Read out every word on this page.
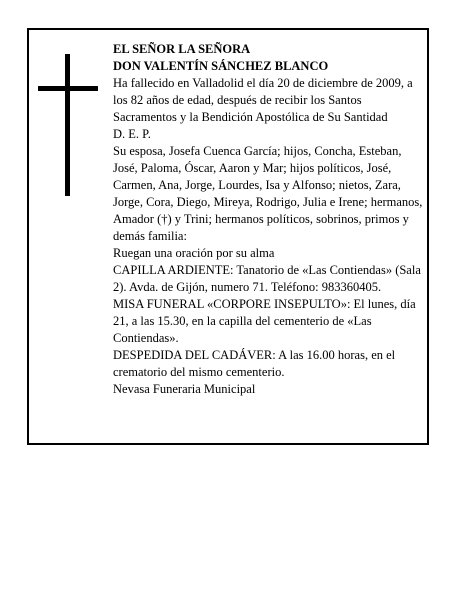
EL SEÑOR LA SEÑORA

DON VALENTÍN SÁNCHEZ BLANCO

Ha fallecido en Valladolid el día 20 de diciembre de 2009, a los 82 años de edad, después de recibir los Santos Sacramentos y la Bendición Apostólica de Su Santidad

D. E. P.

Su esposa, Josefa Cuenca García; hijos, Concha, Esteban, José, Paloma, Óscar, Aaron y Mar; hijos políticos, José, Carmen, Ana, Jorge, Lourdes, Isa y Alfonso; nietos, Zara, Jorge, Cora, Diego, Mireya, Rodrigo, Julia e Irene; hermanos, Amador (†) y Trini; hermanos políticos, sobrinos, primos y demás familia:

Ruegan una oración por su alma

CAPILLA ARDIENTE: Tanatorio de «Las Contiendas» (Sala 2). Avda. de Gijón, numero 71. Teléfono: 983360405.

MISA FUNERAL «CORPORE INSEPULTO»: El lunes, día 21, a las 15.30, en la capilla del cementerio de «Las Contiendas».

DESPEDIDA DEL CADÁVER: A las 16.00 horas, en el crematorio del mismo cementerio.

Nevasa Funeraria Municipal
